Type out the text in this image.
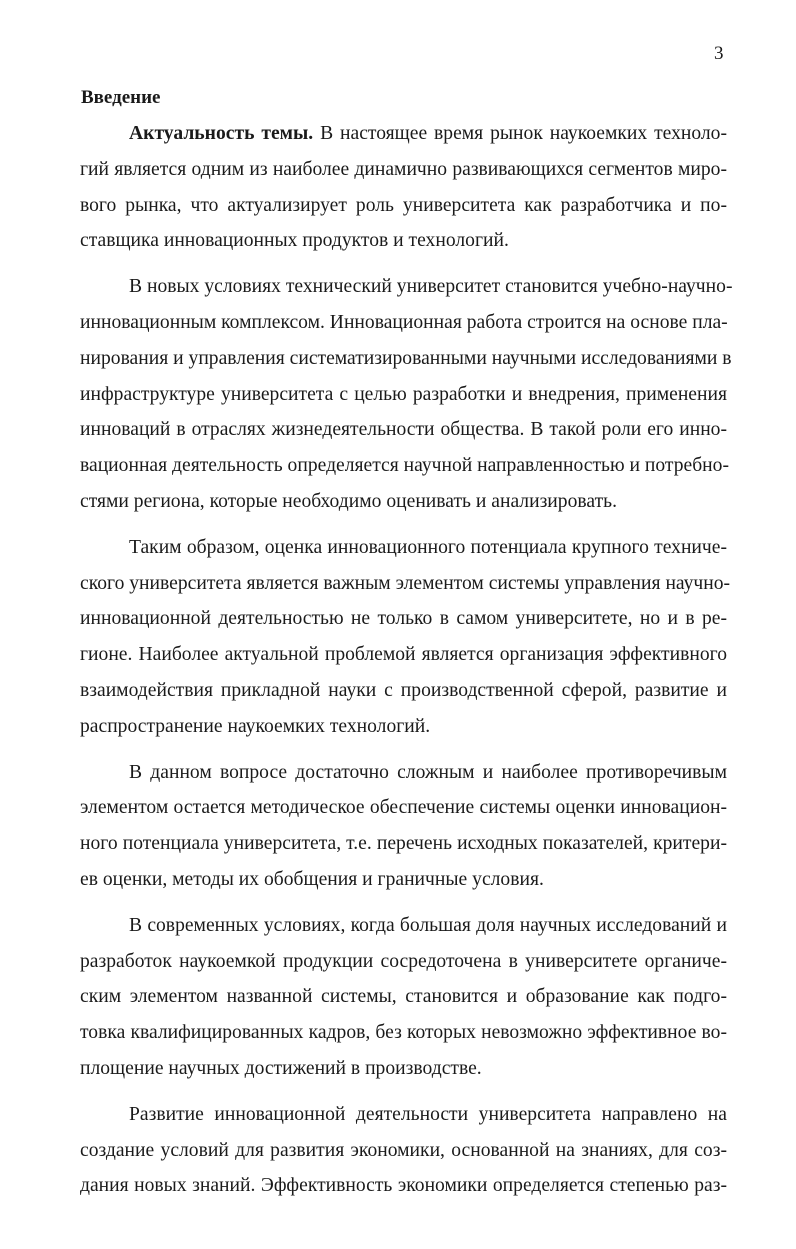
3
Введение
Актуальность темы. В настоящее время рынок наукоемких техноло-
гий является одним из наиболее динамично развивающихся сегментов миро-
вого рынка, что актуализирует роль университета как разработчика и по-
ставщика инновационных продуктов и технологий.
В новых условиях технический университет становится учебно-научно-
инновационным комплексом. Инновационная работа строится на основе пла-
нирования и управления систематизированными научными исследованиями в
инфраструктуре университета с целью разработки и внедрения, применения
инноваций в отраслях жизнедеятельности общества. В такой роли его инно-
вационная деятельность определяется научной направленностью и потребно-
стями региона, которые необходимо оценивать и анализировать.
Таким образом, оценка инновационного потенциала крупного техниче-
ского университета является важным элементом системы управления научно-
инновационной деятельностью не только в самом университете, но и в ре-
гионе. Наиболее актуальной проблемой является организация эффективного
взаимодействия прикладной науки с производственной сферой, развитие и
распространение наукоемких технологий.
В данном вопросе достаточно сложным и наиболее противоречивым
элементом остается методическое обеспечение системы оценки инновацион-
ного потенциала университета, т.е. перечень исходных показателей, критери-
ев оценки, методы их обобщения и граничные условия.
В современных условиях, когда большая доля научных исследований и
разработок наукоемкой продукции сосредоточена в университете органиче-
ским элементом названной системы, становится и образование как подго-
товка квалифицированных кадров, без которых невозможно эффективное во-
площение научных достижений в производстве.
Развитие инновационной деятельности университета направлено на
создание условий для развития экономики, основанной на знаниях, для соз-
дания новых знаний. Эффективность экономики определяется степенью раз-
